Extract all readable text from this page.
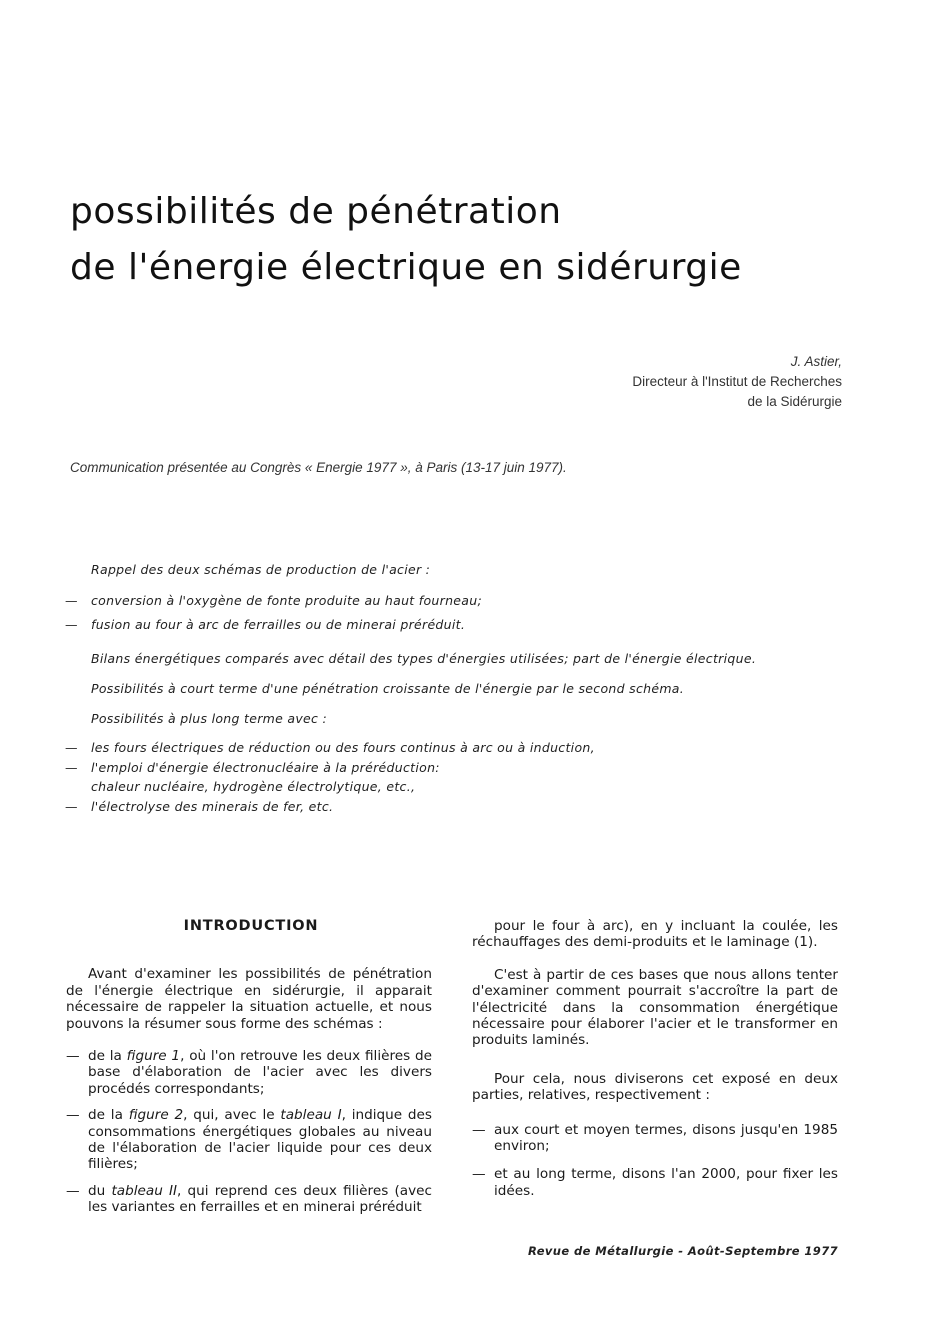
possibilités de pénétration
de l'énergie électrique en sidérurgie
J. Astier,
Directeur à l'Institut de Recherches
de la Sidérurgie
Communication présentée au Congrès « Energie 1977 », à Paris (13-17 juin 1977).
Rappel des deux schémas de production de l'acier :
— conversion à l'oxygène de fonte produite au haut fourneau;
— fusion au four à arc de ferrailles ou de minerai préréduit.
Bilans énergétiques comparés avec détail des types d'énergies utilisées; part de l'énergie électrique.
Possibilités à court terme d'une pénétration croissante de l'énergie par le second schéma.
Possibilités à plus long terme avec :
— les fours électriques de réduction ou des fours continus à arc ou à induction,
— l'emploi d'énergie électronucléaire à la préréduction:
chaleur nucléaire, hydrogène électrolytique, etc.,
— l'électrolyse des minerais de fer, etc.

INTRODUCTION

Avant d'examiner les possibilités de pénétration de l'énergie électrique en sidérurgie, il apparait nécessaire de rappeler la situation actuelle, et nous pouvons la résumer sous forme des schémas :

— de la figure 1, où l'on retrouve les deux filières de base d'élaboration de l'acier avec les divers procédés correspondants;

— de la figure 2, qui, avec le tableau I, indique des consommations énergétiques globales au niveau de l'élaboration de l'acier liquide pour ces deux filières;

— du tableau II, qui reprend ces deux filières (avec les variantes en ferrailles et en minerai préréduit

pour le four à arc), en y incluant la coulée, les réchauffages des demi-produits et le laminage (1).

C'est à partir de ces bases que nous allons tenter d'examiner comment pourrait s'accroître la part de l'électricité dans la consommation énergétique nécessaire pour élaborer l'acier et le transformer en produits laminés.

Pour cela, nous diviserons cet exposé en deux parties, relatives, respectivement :

— aux court et moyen termes, disons jusqu'en 1985 environ;

— et au long terme, disons l'an 2000, pour fixer les idées.

Revue de Métallurgie - Août-Septembre 1977
